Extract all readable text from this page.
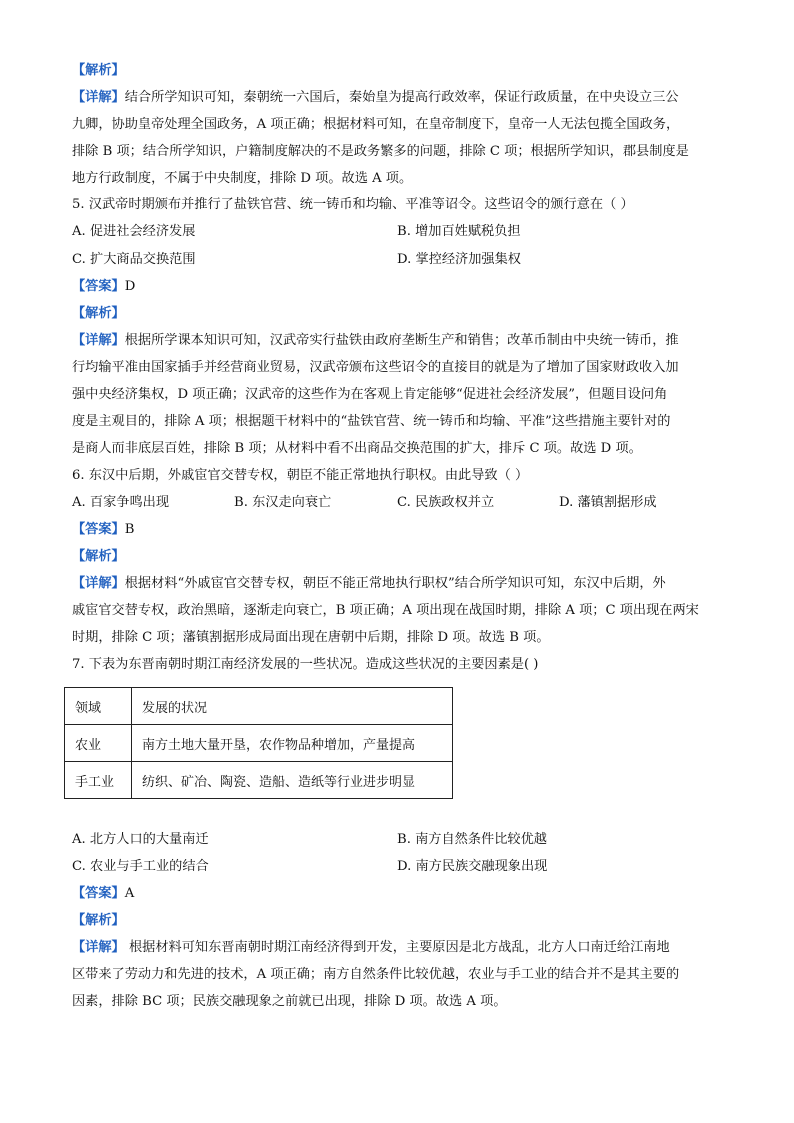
【解析】
【详解】结合所学知识可知，秦朝统一六国后，秦始皇为提高行政效率，保证行政质量，在中央设立三公
九卿，协助皇帝处理全国政务，A 项正确；根据材料可知，在皇帝制度下，皇帝一人无法包揽全国政务，
排除 B 项；结合所学知识，户籍制度解决的不是政务繁多的问题，排除 C 项；根据所学知识，郡县制度是
地方行政制度，不属于中央制度，排除 D 项。故选 A 项。
5. 汉武帝时期颁布并推行了盐铁官营、统一铸币和均输、平准等诏令。这些诏令的颁行意在（ ）
A. 促进社会经济发展	B. 增加百姓赋税负担
C. 扩大商品交换范围	D. 掌控经济加强集权
【答案】D
【解析】
【详解】根据所学课本知识可知，汉武帝实行盐铁由政府垄断生产和销售；改革币制由中央统一铸币，推
行均输平准由国家插手并经营商业贸易，汉武帝颁布这些诏令的直接目的就是为了增加了国家财政收入加
强中央经济集权，D 项正确；汉武帝的这些作为在客观上肯定能够“促进社会经济发展”，但题目设问角
度是主观目的，排除 A 项；根据题干材料中的“盐铁官营、统一铸币和均输、平准”这些措施主要针对的
是商人而非底层百姓，排除 B 项；从材料中看不出商品交换范围的扩大，排斥 C 项。故选 D 项。
6. 东汉中后期，外戚宦官交替专权，朝臣不能正常地执行职权。由此导致（ ）
A. 百家争鸣出现	B. 东汉走向衰亡	C. 民族政权并立	D. 藩镇割据形成
【答案】B
【解析】
【详解】根据材料“外戚宦官交替专权，朝臣不能正常地执行职权”结合所学知识可知，东汉中后期，外
戚宦官交替专权，政治黑暗，逐渐走向衰亡，B 项正确；A 项出现在战国时期，排除 A 项；C 项出现在两宋
时期，排除 C 项；藩镇割据形成局面出现在唐朝中后期，排除 D 项。故选 B 项。
7. 下表为东晋南朝时期江南经济发展的一些状况。造成这些状况的主要因素是( )
领域	发展的状况
农业	南方土地大量开垦，农作物品种增加，产量提高
手工业	纺织、矿冶、陶瓷、造船、造纸等行业进步明显
A. 北方人口的大量南迁	B. 南方自然条件比较优越
C. 农业与手工业的结合	D. 南方民族交融现象出现
【答案】A
【解析】
【详解】 根据材料可知东晋南朝时期江南经济得到开发，主要原因是北方战乱，北方人口南迁给江南地
区带来了劳动力和先进的技术，A 项正确；南方自然条件比较优越，农业与手工业的结合并不是其主要的
因素，排除 BC 项；民族交融现象之前就已出现，排除 D 项。故选 A 项。
